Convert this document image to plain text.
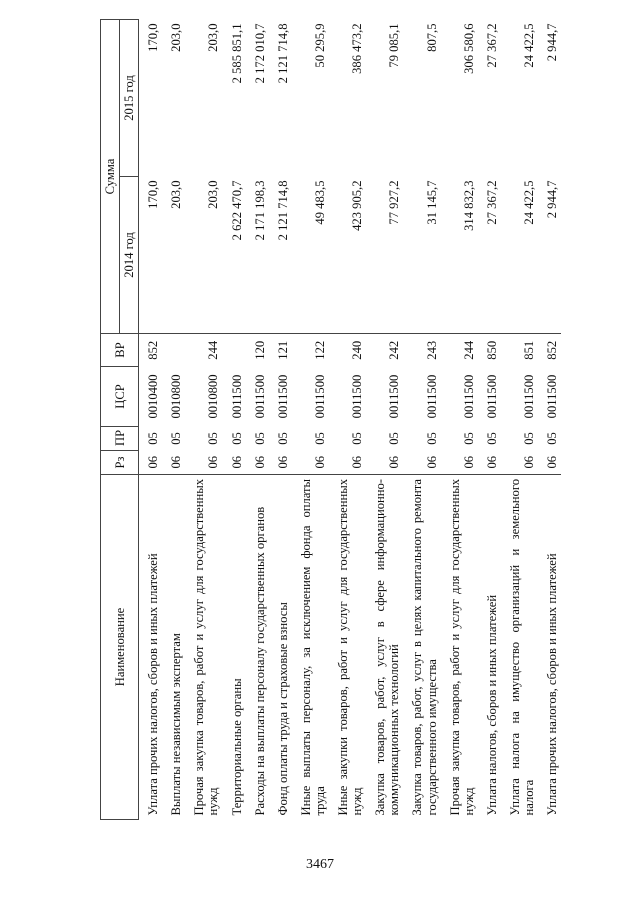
3467
Наименование	Рз	ПР	ЦСР	ВР	Сумма	
					2014 год	2015 год
Уплата прочих налогов, сборов и иных платежей	06	05	0010400	852	170,0	170,0
Выплаты независимым экспертам	06	05	0010800		203,0	203,0
Прочая закупка товаров, работ и услуг для государственных нужд	06	05	0010800	244	203,0	203,0
Территориальные органы	06	05	0011500		2 622 470,7	2 585 851,1
Расходы на выплаты персоналу государственных органов	06	05	0011500	120	2 171 198,3	2 172 010,7
Фонд оплаты труда и страховые взносы	06	05	0011500	121	2 121 714,8	2 121 714,8
Иные выплаты персоналу, за исключением фонда оплаты труда	06	05	0011500	122	49 483,5	50 295,9
Иные закупки товаров, работ и услуг для государственных нужд	06	05	0011500	240	423 905,2	386 473,2
Закупка товаров, работ, услуг в сфере информационно-коммуникационных технологий	06	05	0011500	242	77 927,2	79 085,1
Закупка товаров, работ, услуг в целях капитального ремонта государственного имущества	06	05	0011500	243	31 145,7	807,5
Прочая закупка товаров, работ и услуг для государственных нужд	06	05	0011500	244	314 832,3	306 580,6
Уплата налогов, сборов и иных платежей	06	05	0011500	850	27 367,2	27 367,2
Уплата налога на имущество организаций и земельного налога	06	05	0011500	851	24 422,5	24 422,5
Уплата прочих налогов, сборов и иных платежей	06	05	0011500	852	2 944,7	2 944,7
